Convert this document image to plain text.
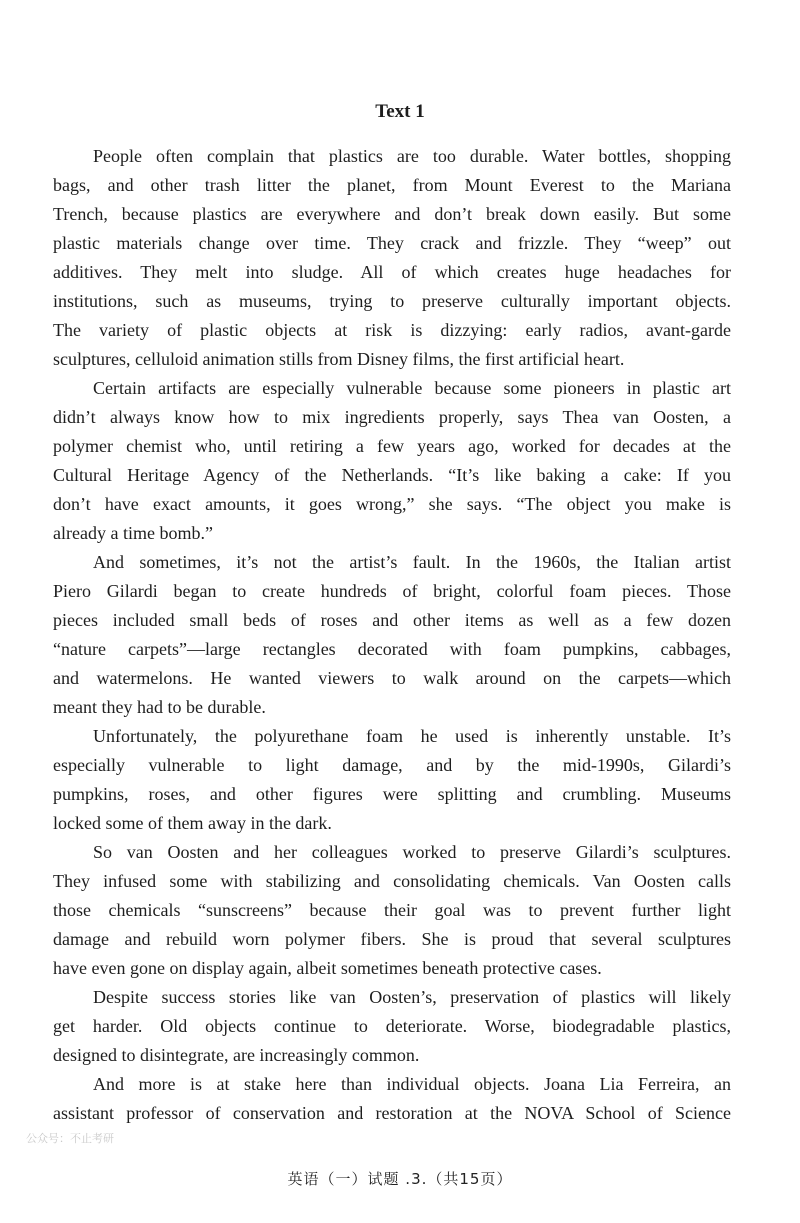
Text 1
People often complain that plastics are too durable. Water bottles, shopping
bags, and other trash litter the planet, from Mount Everest to the Mariana
Trench, because plastics are everywhere and don’t break down easily. But some
plastic materials change over time. They crack and frizzle. They “weep” out
additives. They melt into sludge. All of which creates huge headaches for
institutions, such as museums, trying to preserve culturally important objects.
The variety of plastic objects at risk is dizzying: early radios, avant-garde
sculptures, celluloid animation stills from Disney films, the first artificial heart.
Certain artifacts are especially vulnerable because some pioneers in plastic art
didn’t always know how to mix ingredients properly, says Thea van Oosten, a
polymer chemist who, until retiring a few years ago, worked for decades at the
Cultural Heritage Agency of the Netherlands. “It’s like baking a cake: If you
don’t have exact amounts, it goes wrong,” she says. “The object you make is
already a time bomb.”
And sometimes, it’s not the artist’s fault. In the 1960s, the Italian artist
Piero Gilardi began to create hundreds of bright, colorful foam pieces. Those
pieces included small beds of roses and other items as well as a few dozen
“nature carpets”—large rectangles decorated with foam pumpkins, cabbages,
and watermelons. He wanted viewers to walk around on the carpets—which
meant they had to be durable.
Unfortunately, the polyurethane foam he used is inherently unstable. It’s
especially vulnerable to light damage, and by the mid-1990s, Gilardi’s
pumpkins, roses, and other figures were splitting and crumbling. Museums
locked some of them away in the dark.
So van Oosten and her colleagues worked to preserve Gilardi’s sculptures.
They infused some with stabilizing and consolidating chemicals. Van Oosten calls
those chemicals “sunscreens” because their goal was to prevent further light
damage and rebuild worn polymer fibers. She is proud that several sculptures
have even gone on display again, albeit sometimes beneath protective cases.
Despite success stories like van Oosten’s, preservation of plastics will likely
get harder. Old objects continue to deteriorate. Worse, biodegradable plastics,
designed to disintegrate, are increasingly common.
And more is at stake here than individual objects. Joana Lia Ferreira, an
assistant professor of conservation and restoration at the NOVA School of Science
公众号：不止考研
英语（一）试题 .3.（共15页）
